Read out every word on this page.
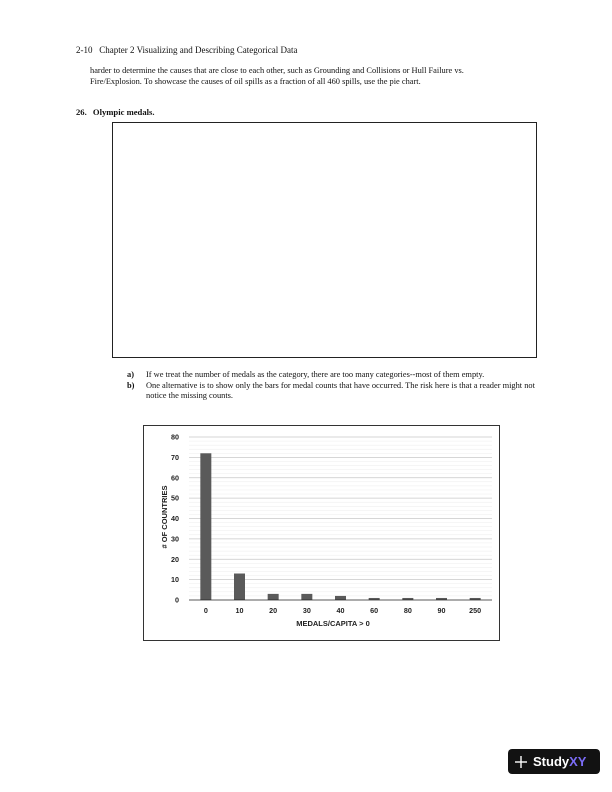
2-10 Chapter 2 Visualizing and Describing Categorical Data
harder to determine the causes that are close to each other, such as Grounding and Collisions or Hull Failure vs.
Fire/Explosion. To showcase the causes of oil spills as a fraction of all 460 spills, use the pie chart.
26. Olympic medals.
a)	If we treat the number of medals as the category, there are too many categories--most of them empty.
b)	One alternative is to show only the bars for medal counts that have occurred. The risk here is that a reader might not notice the missing counts.
0
10
20
30
40
50
60
70
80
0	10	20	30	40	60	80	90	250
# OF COUNTRIES
MEDALS/CAPITA > 0
Study XY
